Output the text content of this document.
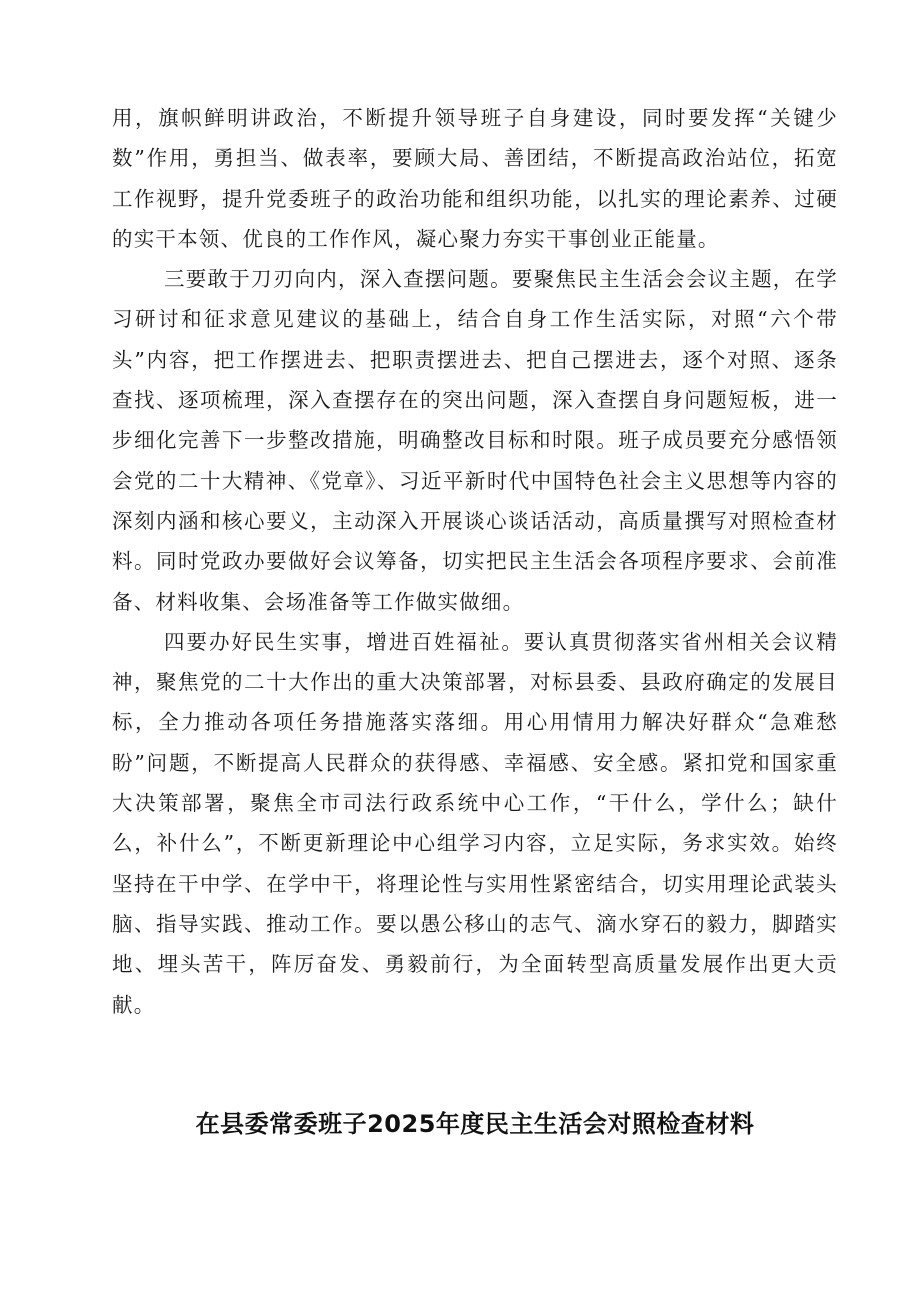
用，旗帜鲜明讲政治，不断提升领导班子自身建设，同时要发挥“关键少数”作用，勇担当、做表率，要顾大局、善团结，不断提高政治站位，拓宽工作视野，提升党委班子的政治功能和组织功能，以扎实的理论素养、过硬的实干本领、优良的工作作风，凝心聚力夯实干事创业正能量。

三要敢于刀刃向内，深入查摆问题。要聚焦民主生活会会议主题，在学习研讨和征求意见建议的基础上，结合自身工作生活实际，对照“六个带头”内容，把工作摆进去、把职责摆进去、把自己摆进去，逐个对照、逐条查找、逐项梳理，深入查摆存在的突出问题，深入查摆自身问题短板，进一步细化完善下一步整改措施，明确整改目标和时限。班子成员要充分感悟领会党的二十大精神、《党章》、习近平新时代中国特色社会主义思想等内容的深刻内涵和核心要义，主动深入开展谈心谈话活动，高质量撰写对照检查材料。同时党政办要做好会议筹备，切实把民主生活会各项程序要求、会前准备、材料收集、会场准备等工作做实做细。

四要办好民生实事，增进百姓福祉。要认真贯彻落实省州相关会议精神，聚焦党的二十大作出的重大决策部署，对标县委、县政府确定的发展目标，全力推动各项任务措施落实落细。用心用情用力解决好群众“急难愁盼”问题，不断提高人民群众的获得感、幸福感、安全感。紧扣党和国家重大决策部署，聚焦全市司法行政系统中心工作，“干什么，学什么；缺什么，补什么”，不断更新理论中心组学习内容，立足实际，务求实效。始终坚持在干中学、在学中干，将理论性与实用性紧密结合，切实用理论武装头脑、指导实践、推动工作。要以愚公移山的志气、滴水穿石的毅力，脚踏实地、埋头苦干，阵厉奋发、勇毅前行，为全面转型高质量发展作出更大贡献。

在县委常委班子2025年度民主生活会对照检查材料
